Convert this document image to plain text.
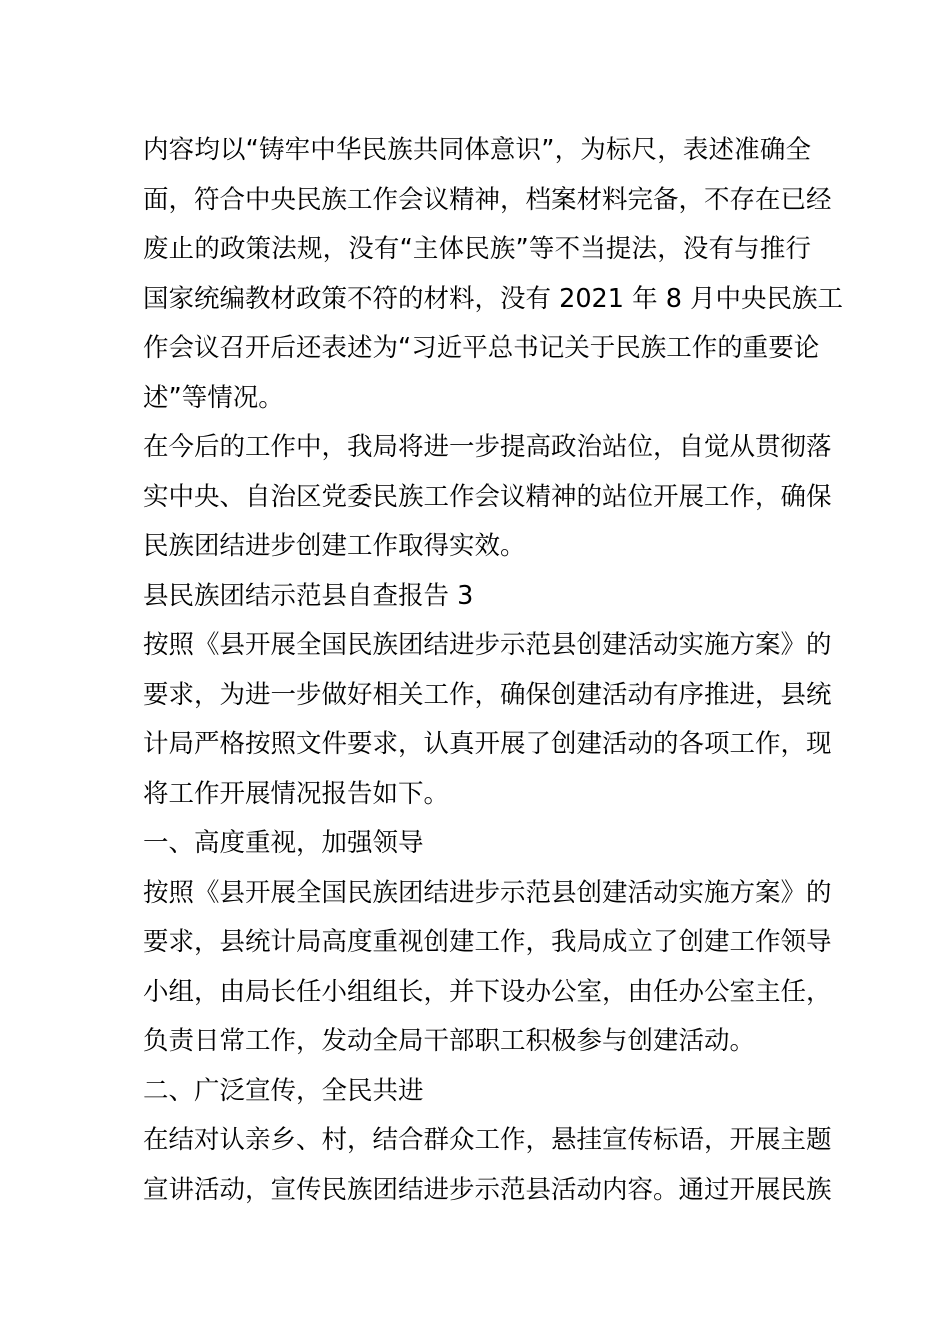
内容均以“铸牢中华民族共同体意识”，为标尺，表述准确全
面，符合中央民族工作会议精神，档案材料完备，不存在已经
废止的政策法规，没有“主体民族”等不当提法，没有与推行
国家统编教材政策不符的材料，没有 2021 年 8 月中央民族工
作会议召开后还表述为“习近平总书记关于民族工作的重要论
述”等情况。
在今后的工作中，我局将进一步提高政治站位，自觉从贯彻落
实中央、自治区党委民族工作会议精神的站位开展工作，确保
民族团结进步创建工作取得实效。
县民族团结示范县自查报告 3
按照《县开展全国民族团结进步示范县创建活动实施方案》的
要求，为进一步做好相关工作，确保创建活动有序推进，县统
计局严格按照文件要求，认真开展了创建活动的各项工作，现
将工作开展情况报告如下。
一、高度重视，加强领导
按照《县开展全国民族团结进步示范县创建活动实施方案》的
要求，县统计局高度重视创建工作，我局成立了创建工作领导
小组，由局长任小组组长，并下设办公室，由任办公室主任，
负责日常工作，发动全局干部职工积极参与创建活动。
二、广泛宣传，全民共进
在结对认亲乡、村，结合群众工作，悬挂宣传标语，开展主题
宣讲活动，宣传民族团结进步示范县活动内容。通过开展民族
